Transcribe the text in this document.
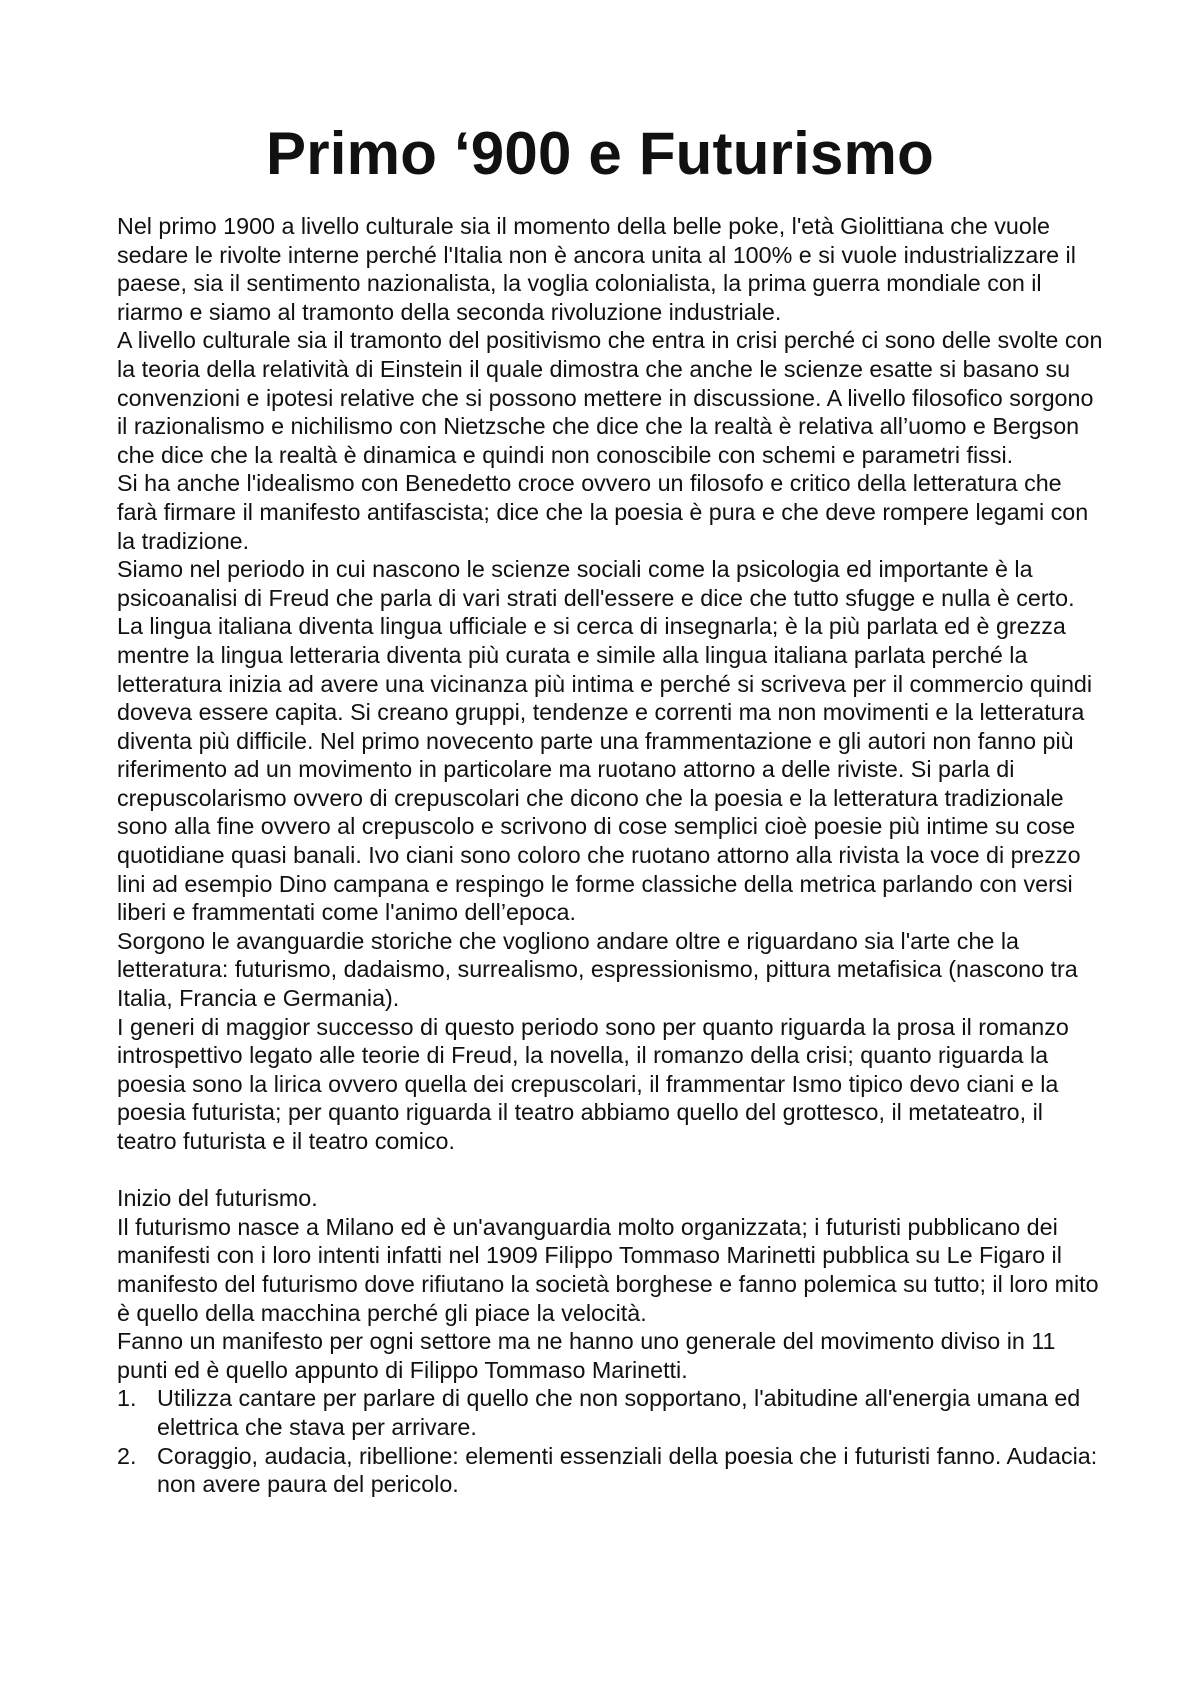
Primo ‘900 e Futurismo

Nel primo 1900 a livello culturale sia il momento della belle poke, l'età Giolittiana che vuole sedare le rivolte interne perché l'Italia non è ancora unita al 100% e si vuole industrializzare il paese, sia il sentimento nazionalista, la voglia colonialista, la prima guerra mondiale con il riarmo e siamo al tramonto della seconda rivoluzione industriale.

A livello culturale sia il tramonto del positivismo che entra in crisi perché ci sono delle svolte con la teoria della relatività di Einstein il quale dimostra che anche le scienze esatte si basano su convenzioni e ipotesi relative che si possono mettere in discussione. A livello filosofico sorgono il razionalismo e nichilismo con Nietzsche che dice che la realtà è relativa all’uomo e Bergson che dice che la realtà è dinamica e quindi non conoscibile con schemi e parametri fissi.

Si ha anche l'idealismo con Benedetto croce ovvero un filosofo e critico della letteratura che farà firmare il manifesto antifascista; dice che la poesia è pura e che deve rompere legami con la tradizione.

Siamo nel periodo in cui nascono le scienze sociali come la psicologia ed importante è la psicoanalisi di Freud che parla di vari strati dell'essere e dice che tutto sfugge e nulla è certo.

La lingua italiana diventa lingua ufficiale e si cerca di insegnarla; è la più parlata ed è grezza mentre la lingua letteraria diventa più curata e simile alla lingua italiana parlata perché la letteratura inizia ad avere una vicinanza più intima e perché si scriveva per il commercio quindi doveva essere capita. Si creano gruppi, tendenze e correnti ma non movimenti e la letteratura diventa più difficile. Nel primo novecento parte una frammentazione e gli autori non fanno più riferimento ad un movimento in particolare ma ruotano attorno a delle riviste. Si parla di crepuscolarismo ovvero di crepuscolari che dicono che la poesia e la letteratura tradizionale sono alla fine ovvero al crepuscolo e scrivono di cose semplici cioè poesie più intime su cose quotidiane quasi banali. Ivo ciani sono coloro che ruotano attorno alla rivista la voce di prezzo lini ad esempio Dino campana e respingo le forme classiche della metrica parlando con versi liberi e frammentati come l'animo dell’epoca.

Sorgono le avanguardie storiche che vogliono andare oltre e riguardano sia l'arte che la letteratura: futurismo, dadaismo, surrealismo, espressionismo, pittura metafisica (nascono tra Italia, Francia e Germania).

I generi di maggior successo di questo periodo sono per quanto riguarda la prosa il romanzo introspettivo legato alle teorie di Freud, la novella, il romanzo della crisi; quanto riguarda la poesia sono la lirica ovvero quella dei crepuscolari, il frammentar Ismo tipico devo ciani e la poesia futurista; per quanto riguarda il teatro abbiamo quello del grottesco, il metateatro, il teatro futurista e il teatro comico.

Inizio del futurismo.

Il futurismo nasce a Milano ed è un'avanguardia molto organizzata; i futuristi pubblicano dei manifesti con i loro intenti infatti nel 1909 Filippo Tommaso Marinetti pubblica su Le Figaro il manifesto del futurismo dove rifiutano la società borghese e fanno polemica su tutto; il loro mito è quello della macchina perché gli piace la velocità.

Fanno un manifesto per ogni settore ma ne hanno uno generale del movimento diviso in 11 punti ed è quello appunto di Filippo Tommaso Marinetti.

1. Utilizza cantare per parlare di quello che non sopportano, l'abitudine all'energia umana ed elettrica che stava per arrivare.
2. Coraggio, audacia, ribellione: elementi essenziali della poesia che i futuristi fanno. Audacia: non avere paura del pericolo.
